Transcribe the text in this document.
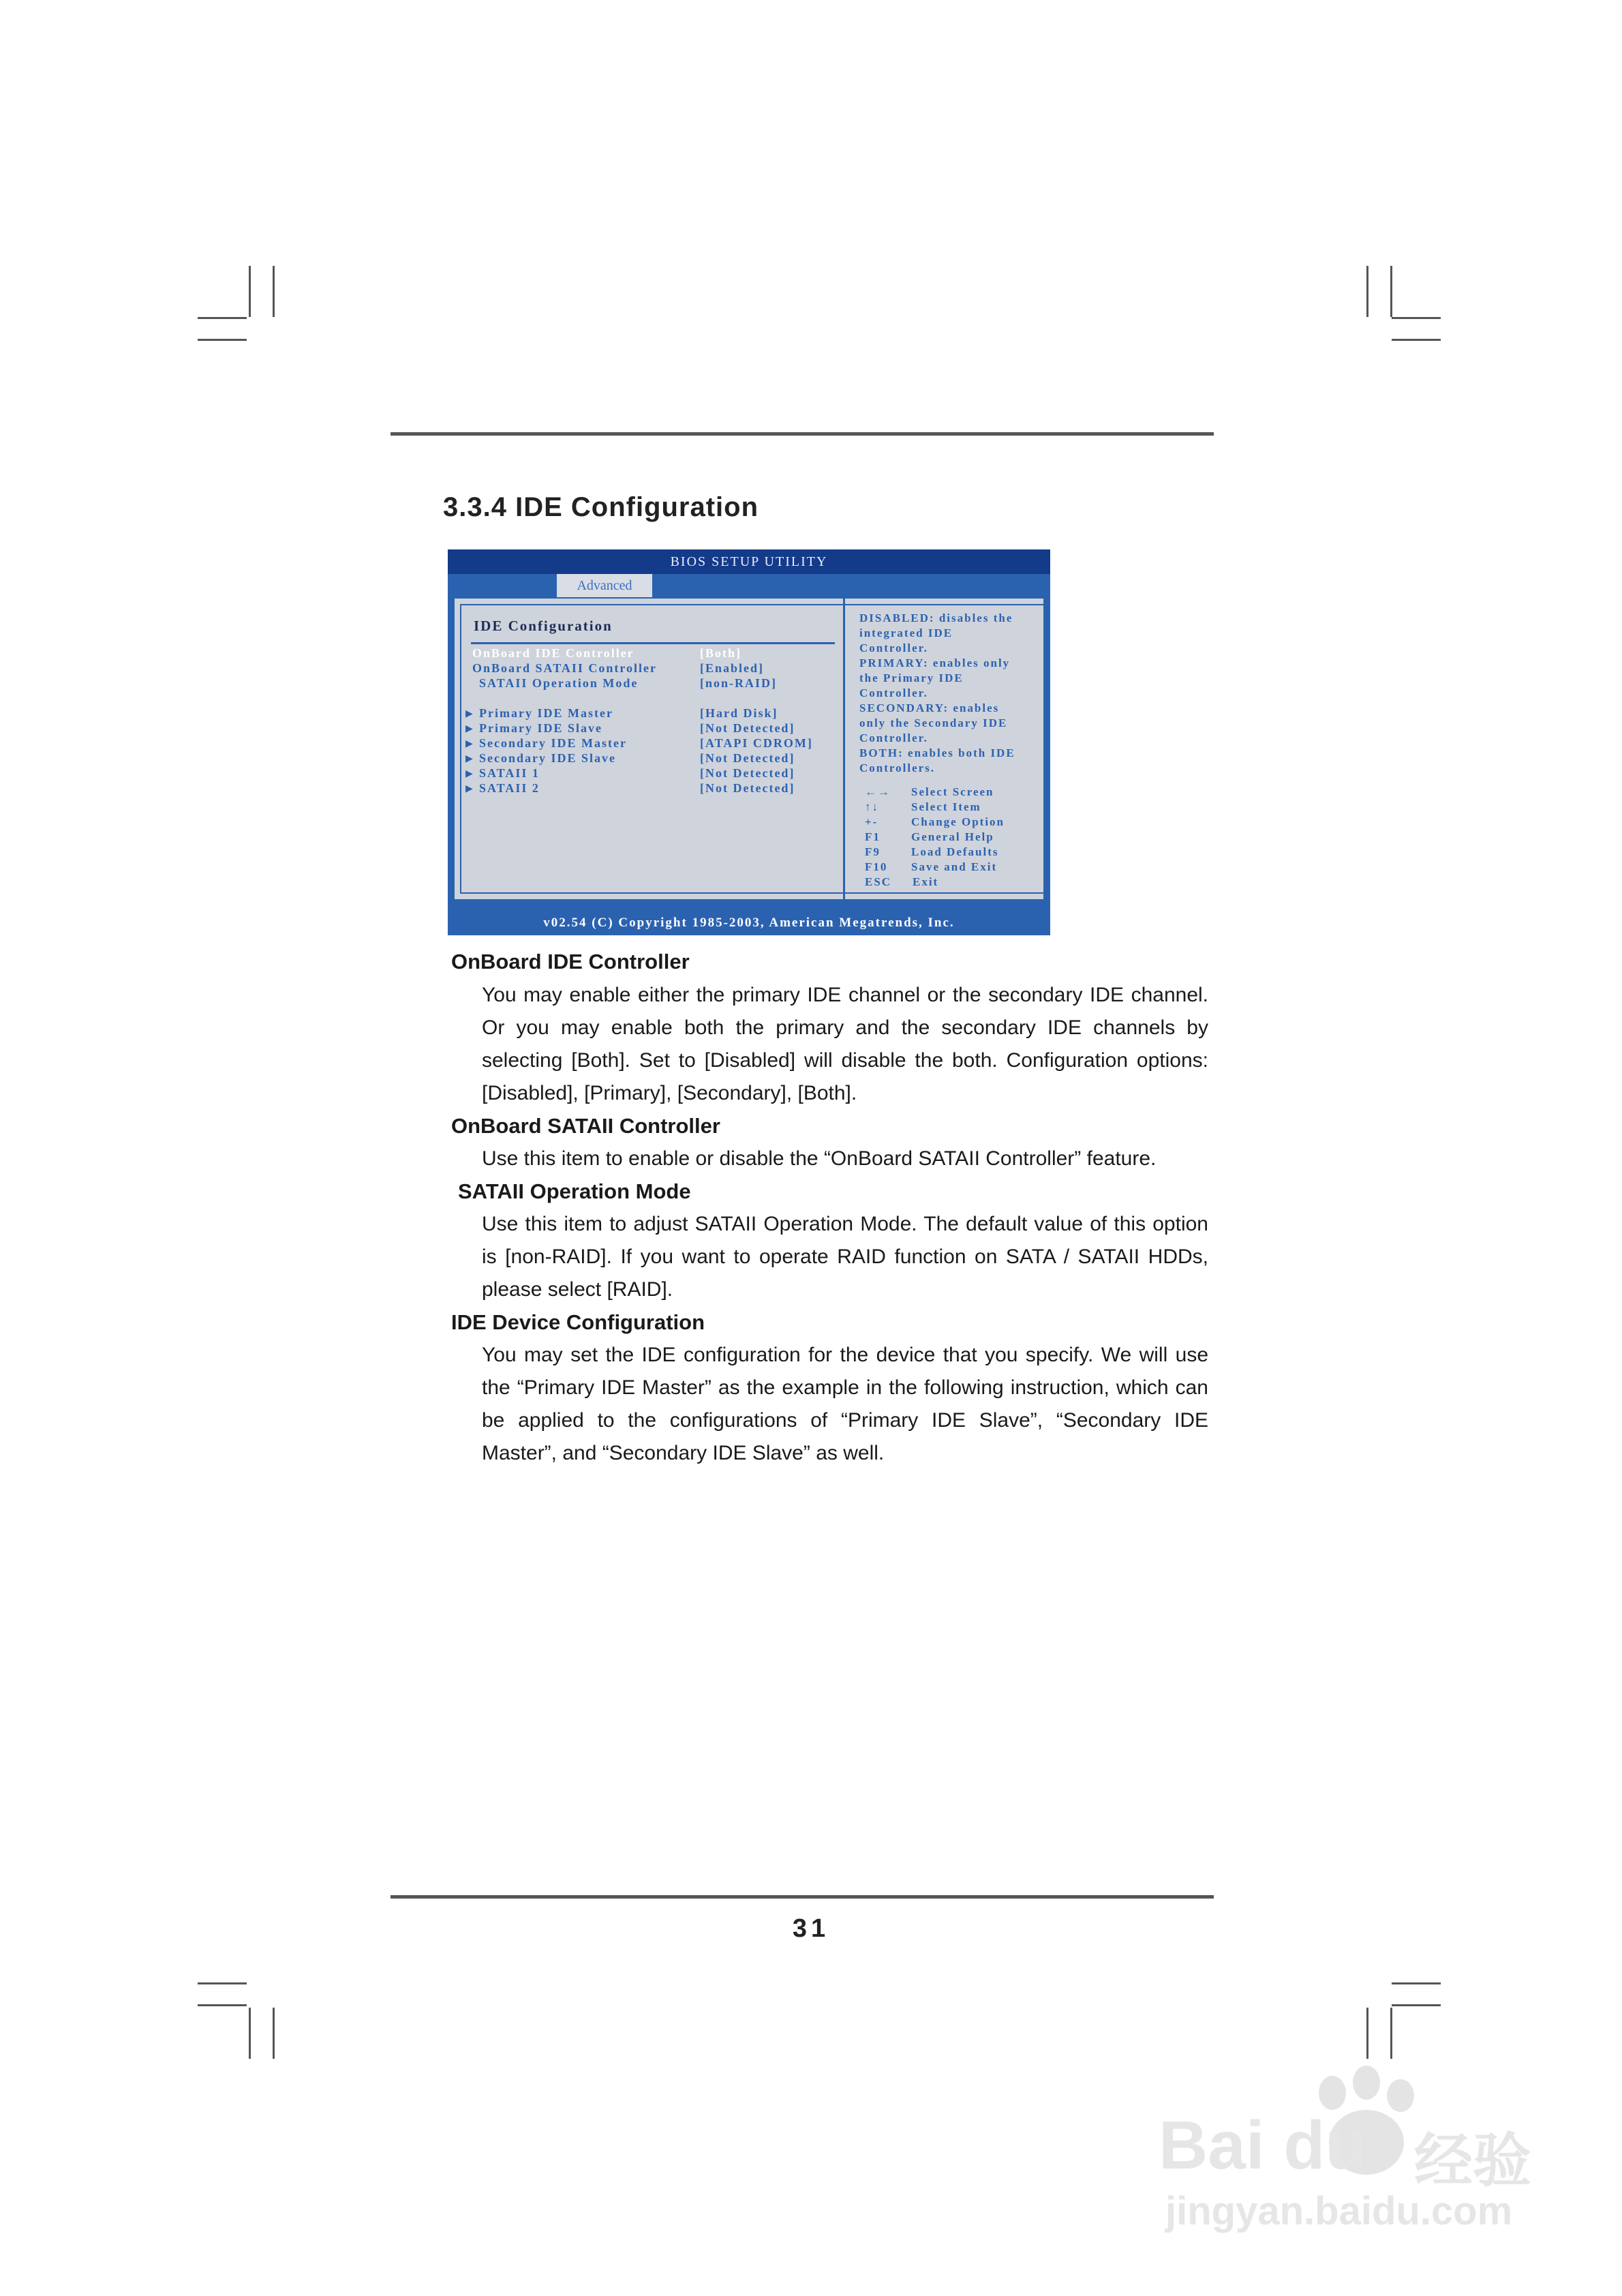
3.3.4 IDE Configuration
BIOS SETUP UTILITY
Advanced
IDE Configuration
OnBoard IDE Controller	[Both]
OnBoard SATAII Controller	[Enabled]
SATAII Operation Mode	[non-RAID]
▶ Primary IDE Master	[Hard Disk]
▶ Primary IDE Slave	[Not Detected]
▶ Secondary IDE Master	[ATAPI CDROM]
▶ Secondary IDE Slave	[Not Detected]
▶ SATAII 1	[Not Detected]
▶ SATAII 2	[Not Detected]
DISABLED: disables the
integrated IDE
Controller.
PRIMARY: enables only
the Primary IDE
Controller.
SECONDARY: enables
only the Secondary IDE
Controller.
BOTH: enables both IDE
Controllers.
←→ Select Screen
↑↓	Select Item
+-	Change Option
F1	General Help
F9	Load Defaults
F10 Save and Exit
ESC Exit
v02.54 (C) Copyright 1985-2003, American Megatrends, Inc.
OnBoard IDE Controller
You may enable either the primary IDE channel or the secondary IDE channel. Or you may enable both the primary and the secondary IDE channels by selecting [Both]. Set to [Disabled] will disable the both. Configuration options: [Disabled], [Primary], [Secondary], [Both].
OnBoard SATAII Controller
Use this item to enable or disable the “OnBoard SATAII Controller” feature.
SATAII Operation Mode
Use this item to adjust SATAII Operation Mode. The default value of this option is [non-RAID]. If you want to operate RAID function on SATA / SATAII HDDs, please select [RAID].
IDE Device Configuration
You may set the IDE configuration for the device that you specify. We will use the “Primary IDE Master” as the example in the following instruction, which can be applied to the configurations of “Primary IDE Slave”, “Secondary IDE Master”, and “Secondary IDE Slave” as well.
31
Bai du 经验
jingyan.baidu.com
